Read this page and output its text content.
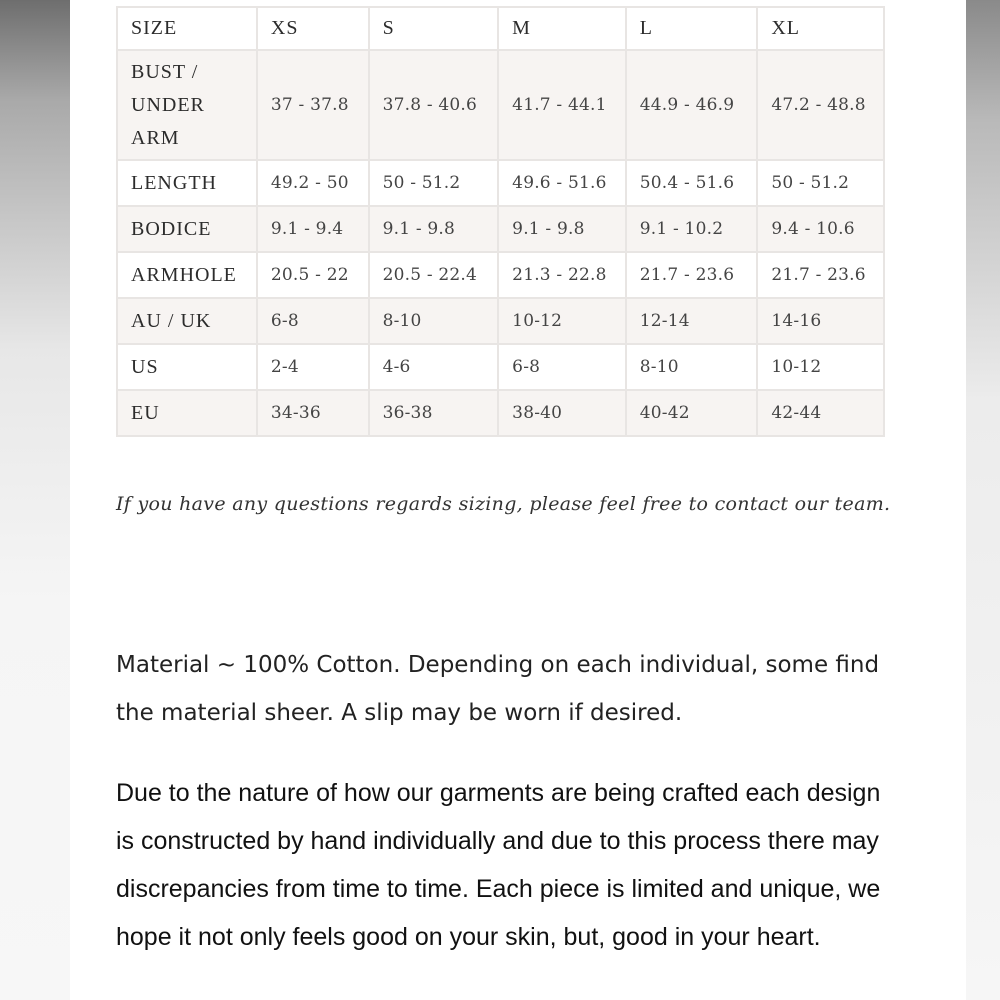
SIZE	XS	S	M	L	XL
BUST / UNDER ARM	37 - 37.8	37.8 - 40.6	41.7 - 44.1	44.9 - 46.9	47.2 - 48.8
LENGTH	49.2 - 50	50 - 51.2	49.6 - 51.6	50.4 - 51.6	50 - 51.2
BODICE	9.1 - 9.4	9.1 - 9.8	9.1 - 9.8	9.1 - 10.2	9.4 - 10.6
ARMHOLE	20.5 - 22	20.5 - 22.4	21.3 - 22.8	21.7 - 23.6	21.7 - 23.6
AU / UK	6-8	8-10	10-12	12-14	14-16
US	2-4	4-6	6-8	8-10	10-12
EU	34-36	36-38	38-40	40-42	42-44
If you have any questions regards sizing, please feel free to contact our team.

Material ~ 100% Cotton. Depending on each individual, some find the material sheer. A slip may be worn if desired.

Due to the nature of how our garments are being crafted each design is constructed by hand individually and due to this process there may discrepancies from time to time. Each piece is limited and unique, we hope it not only feels good on your skin, but, good in your heart.
